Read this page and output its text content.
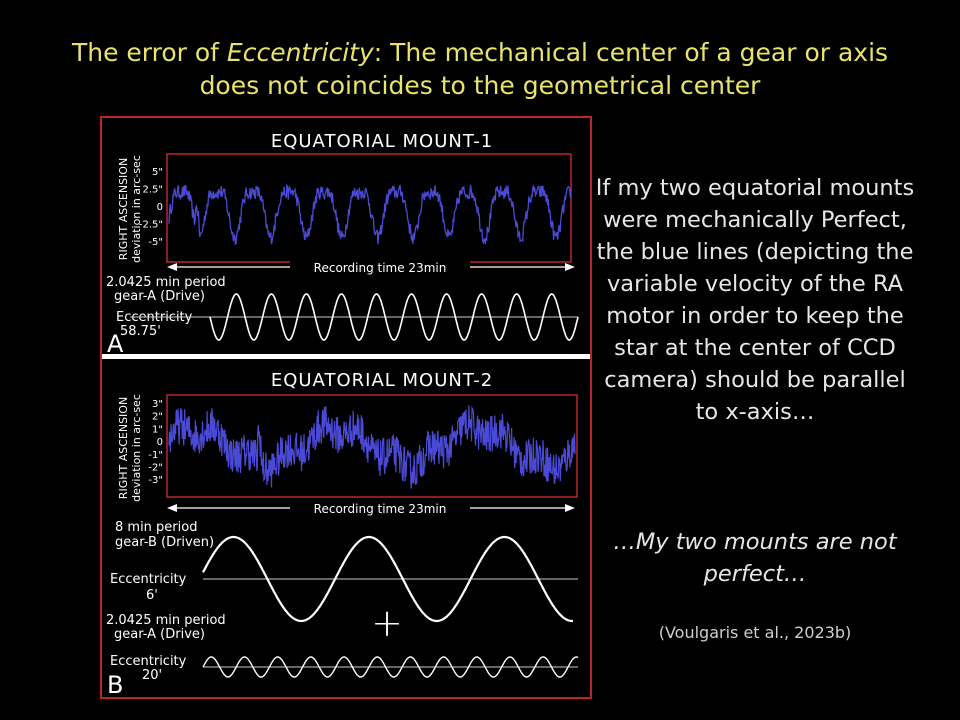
The error of Eccentricity: The mechanical center of a gear or axis
does not coincides to the geometrical center
If my two equatorial mounts were mechanically Perfect, the blue lines (depicting the variable velocity of the RA motor in order to keep the star at the center of CCD camera) should be parallel to x-axis…
…My two mounts are not perfect…
(Voulgaris et al., 2023b)
EQUATORIAL MOUNT-1
RIGHT ASCENSION deviation in arc-sec 5"
2.5"
0
-2.5"
-5"
Recording time 23min
2.0425 min period
gear-A (Drive)
Eccentricity
58.75'
A
EQUATORIAL MOUNT-2
RIGHT ASCENSION deviation in arc-sec 3"
2"
1"
0
-1"
-2"
-3"
Recording time 23min
8 min period
gear-B (Driven)
Eccentricity
6'
+
2.0425 min period
gear-A (Drive)
Eccentricity
20'
B
